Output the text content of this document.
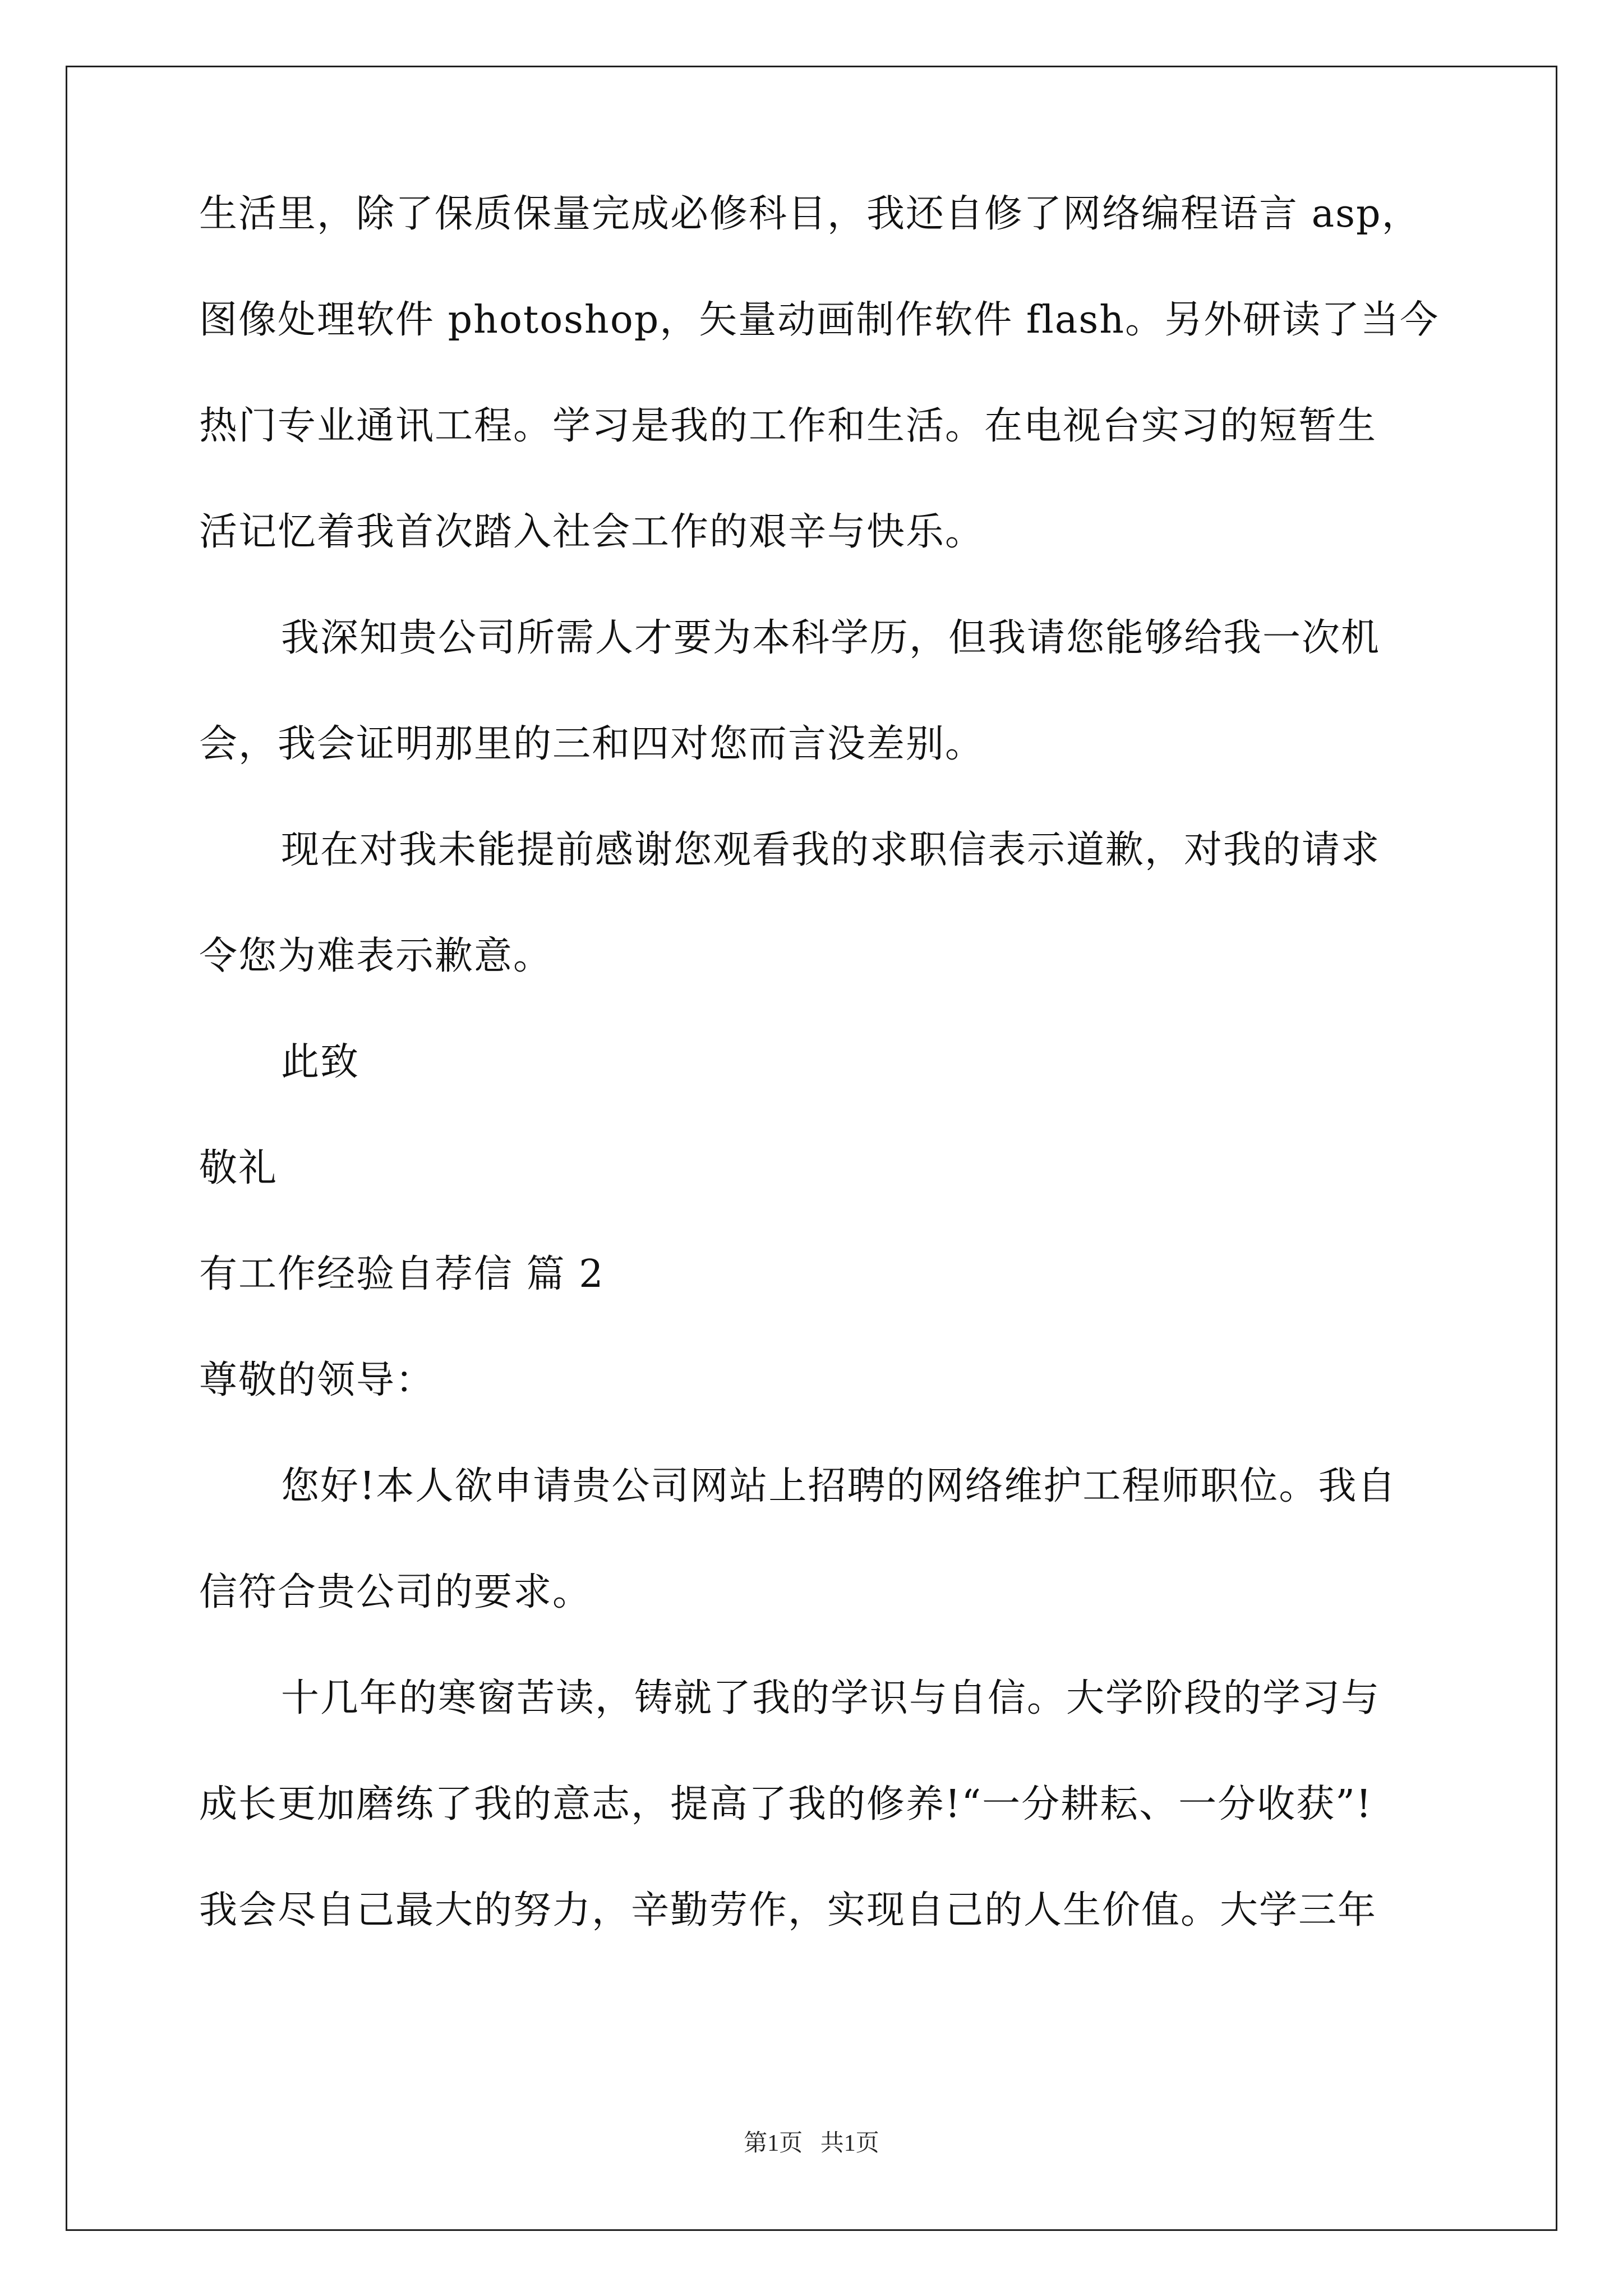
生活里，除了保质保量完成必修科目，我还自修了网络编程语言 asp，
图像处理软件 photoshop，矢量动画制作软件 flash。另外研读了当今
热门专业通讯工程。学习是我的工作和生活。在电视台实习的短暂生
活记忆着我首次踏入社会工作的艰辛与快乐。
我深知贵公司所需人才要为本科学历，但我请您能够给我一次机
会，我会证明那里的三和四对您而言没差别。
现在对我未能提前感谢您观看我的求职信表示道歉，对我的请求
令您为难表示歉意。
此致
敬礼
有工作经验自荐信 篇 2
尊敬的领导：
您好!本人欲申请贵公司网站上招聘的网络维护工程师职位。我自
信符合贵公司的要求。
十几年的寒窗苦读，铸就了我的学识与自信。大学阶段的学习与
成长更加磨练了我的意志，提高了我的修养!“一分耕耘、一分收获”!
我会尽自己最大的努力，辛勤劳作，实现自己的人生价值。大学三年
第1页   共1页
